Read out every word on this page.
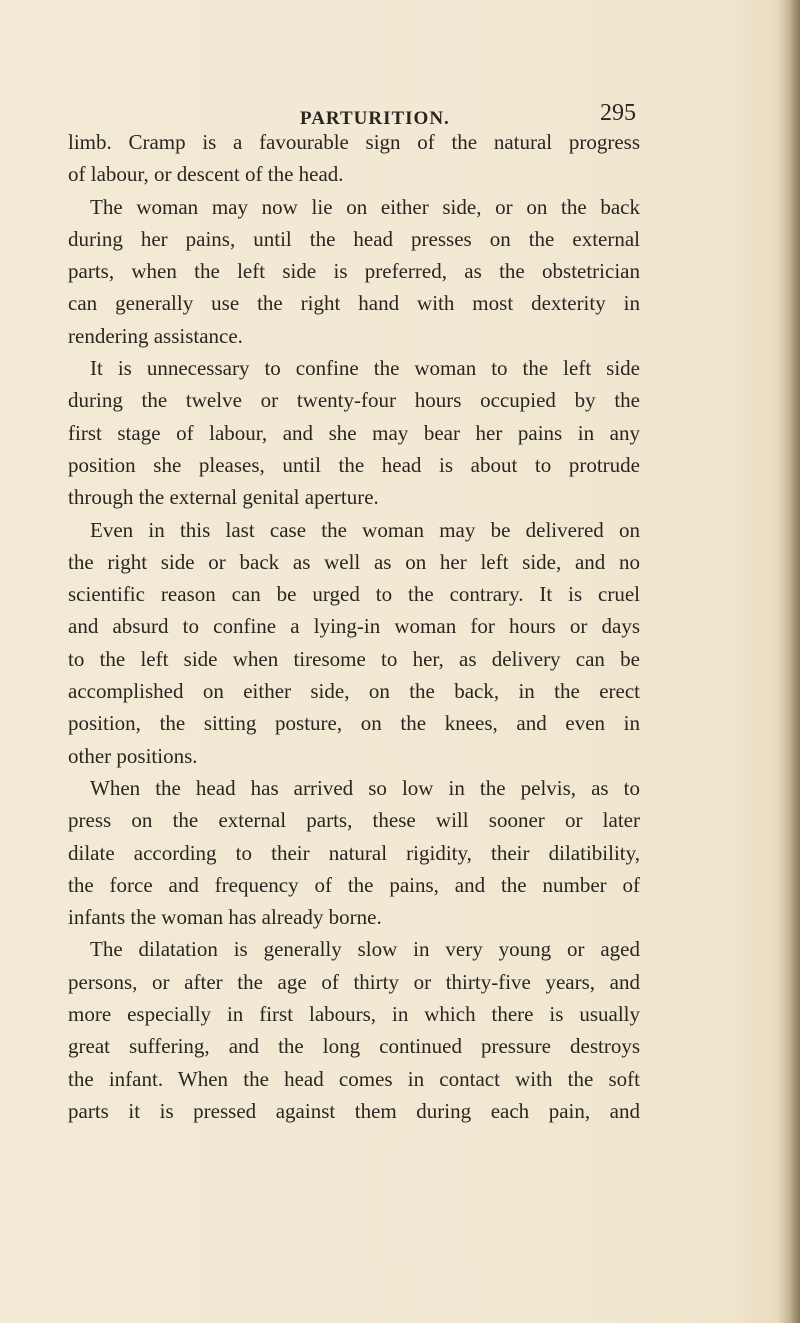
PARTURITION.	295
limb. Cramp is a favourable sign of the natural progress
of labour, or descent of the head.
The woman may now lie on either side, or on the back
during her pains, until the head presses on the external
parts, when the left side is preferred, as the obstetrician
can generally use the right hand with most dexterity in
rendering assistance.
It is unnecessary to confine the woman to the left side
during the twelve or twenty-four hours occupied by the
first stage of labour, and she may bear her pains in any
position she pleases, until the head is about to protrude
through the external genital aperture.
Even in this last case the woman may be delivered on
the right side or back as well as on her left side, and no
scientific reason can be urged to the contrary. It is cruel
and absurd to confine a lying-in woman for hours or days
to the left side when tiresome to her, as delivery can be
accomplished on either side, on the back, in the erect
position, the sitting posture, on the knees, and even in
other positions.
When the head has arrived so low in the pelvis, as to
press on the external parts, these will sooner or later
dilate according to their natural rigidity, their dilatibility,
the force and frequency of the pains, and the number of
infants the woman has already borne.
The dilatation is generally slow in very young or aged
persons, or after the age of thirty or thirty-five years, and
more especially in first labours, in which there is usually
great suffering, and the long continued pressure destroys
the infant. When the head comes in contact with the soft
parts it is pressed against them during each pain, and
